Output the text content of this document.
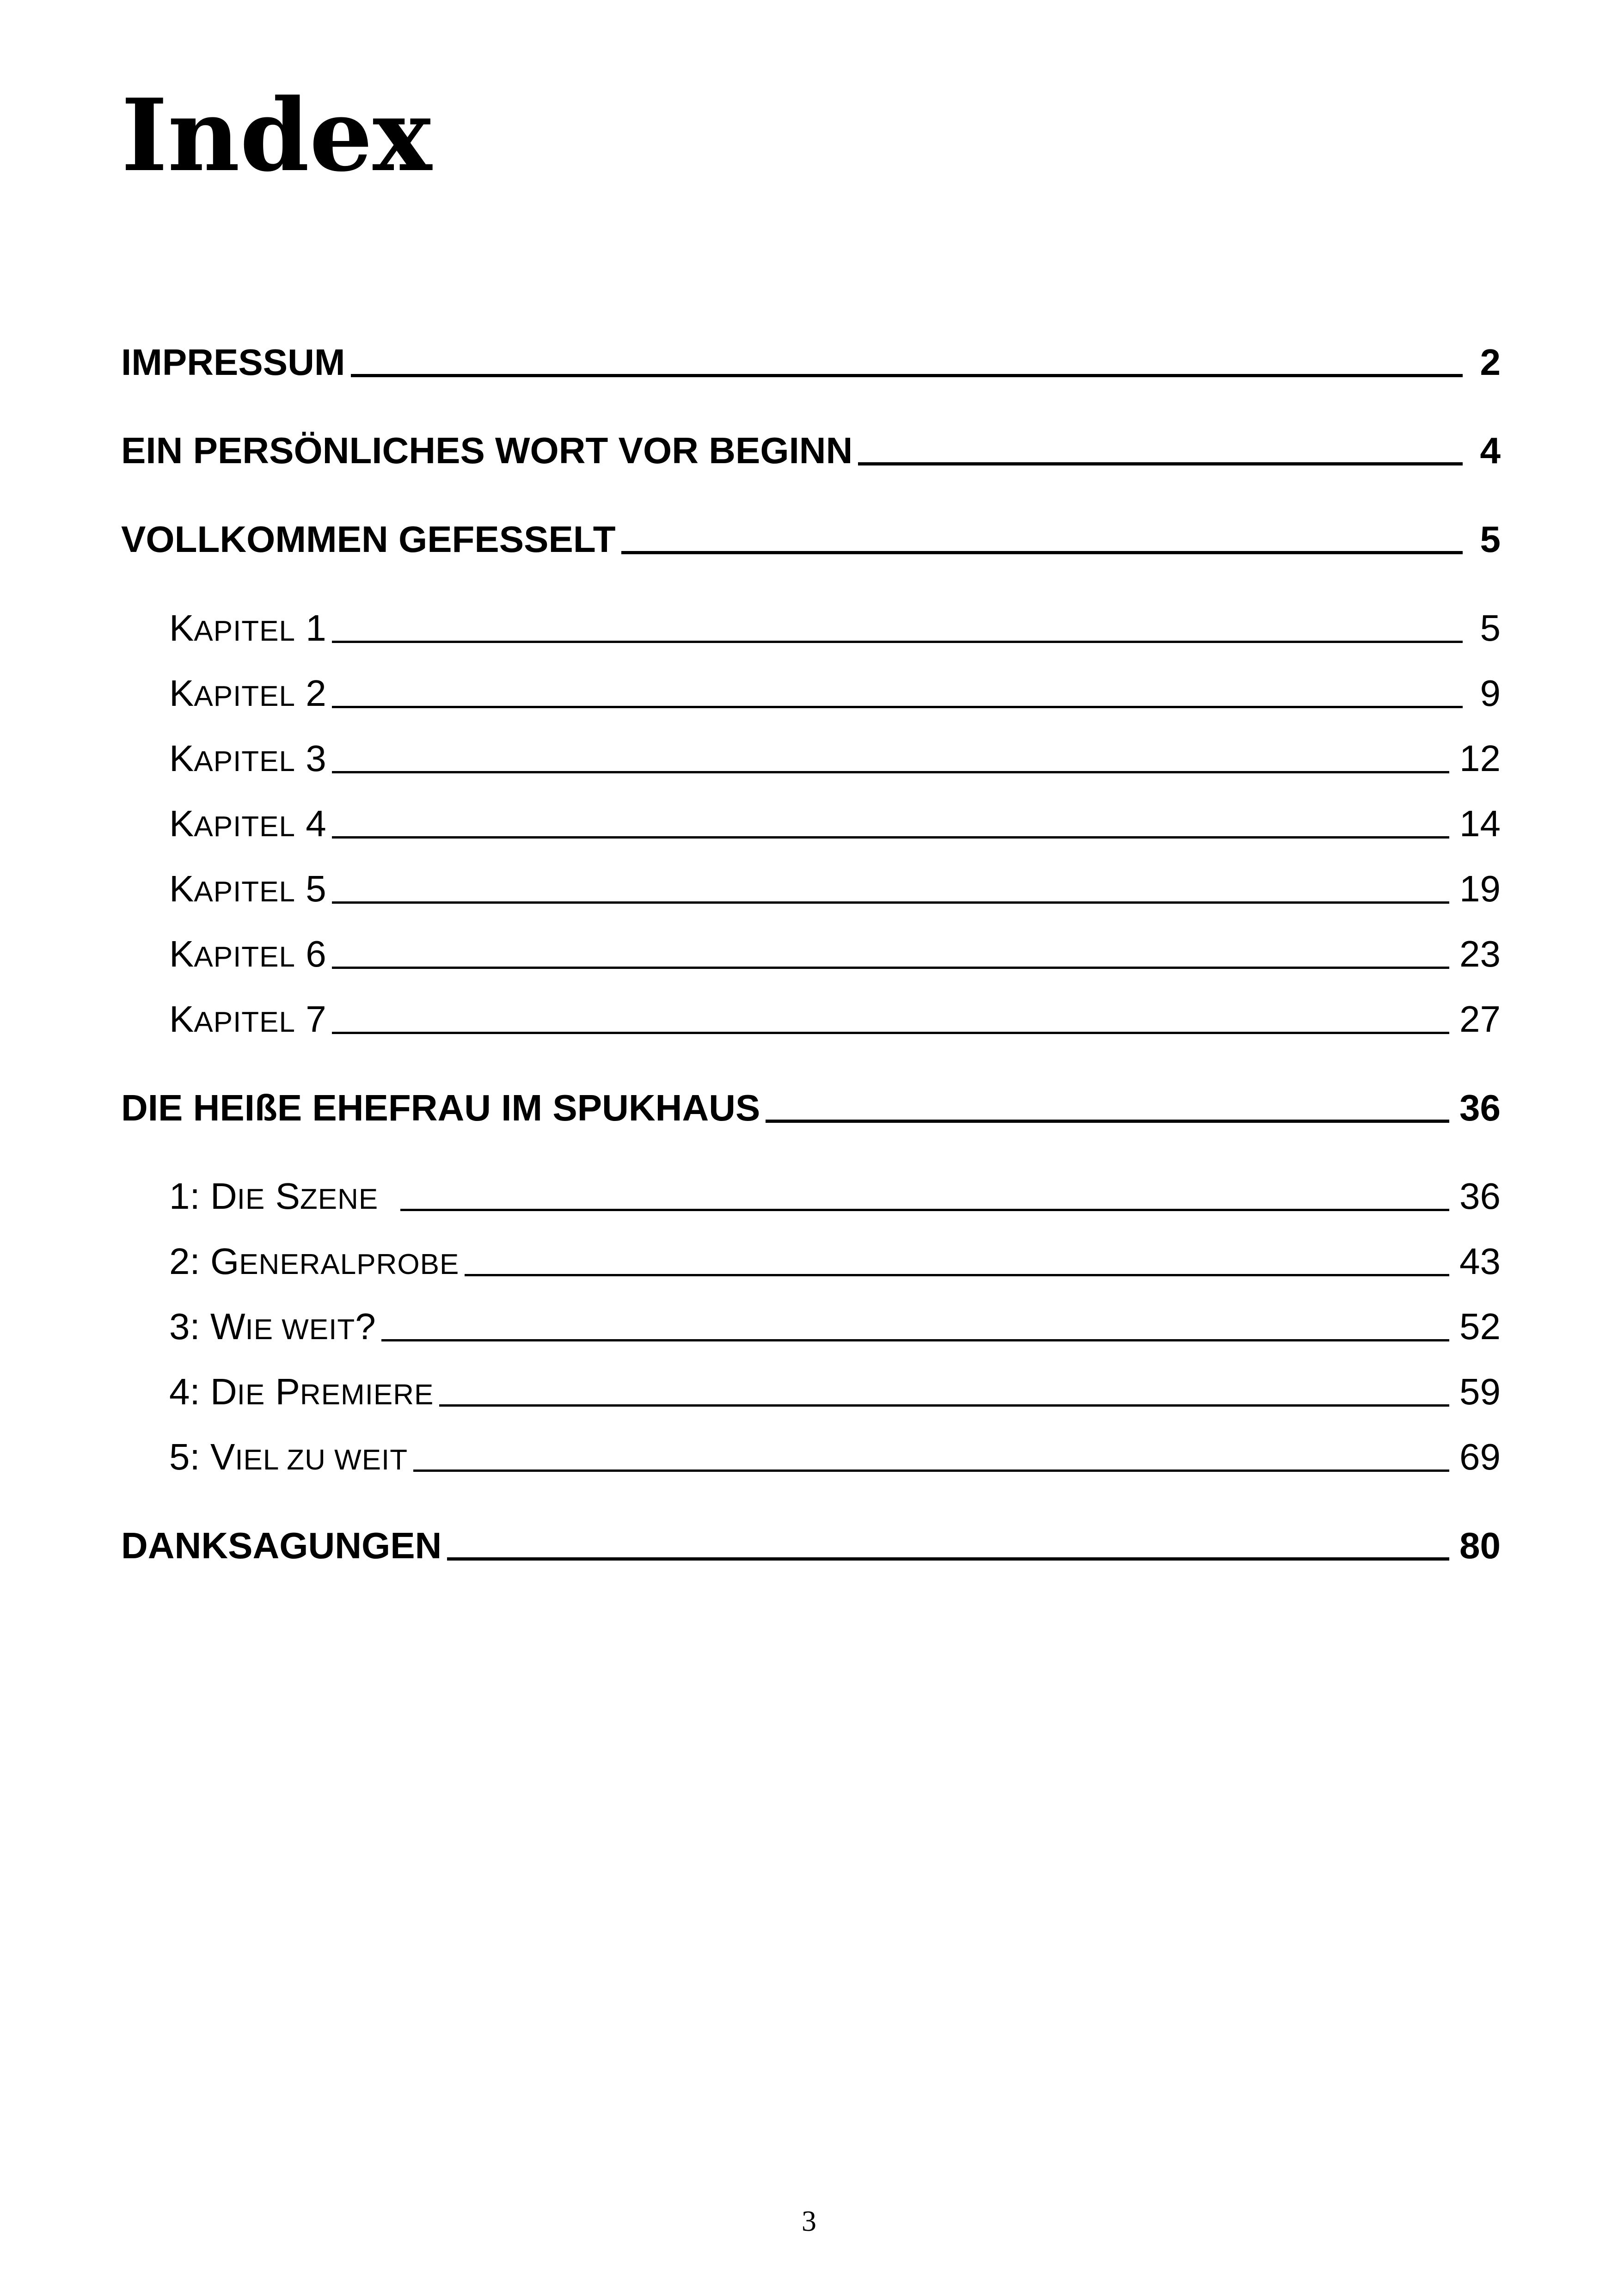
Index
IMPRESSUM	2
EIN PERSÖNLICHES WORT VOR BEGINN	4
VOLLKOMMEN GEFESSELT	5
KAPITEL 1	5
KAPITEL 2	9
KAPITEL 3	12
KAPITEL 4	14
KAPITEL 5	19
KAPITEL 6	23
KAPITEL 7	27
DIE HEIßE EHEFRAU IM SPUKHAUS	36
1: DIE SZENE	36
2: GENERALPROBE	43
3: WIE WEIT?	52
4: DIE PREMIERE	59
5: VIEL ZU WEIT	69
DANKSAGUNGEN	80
3
